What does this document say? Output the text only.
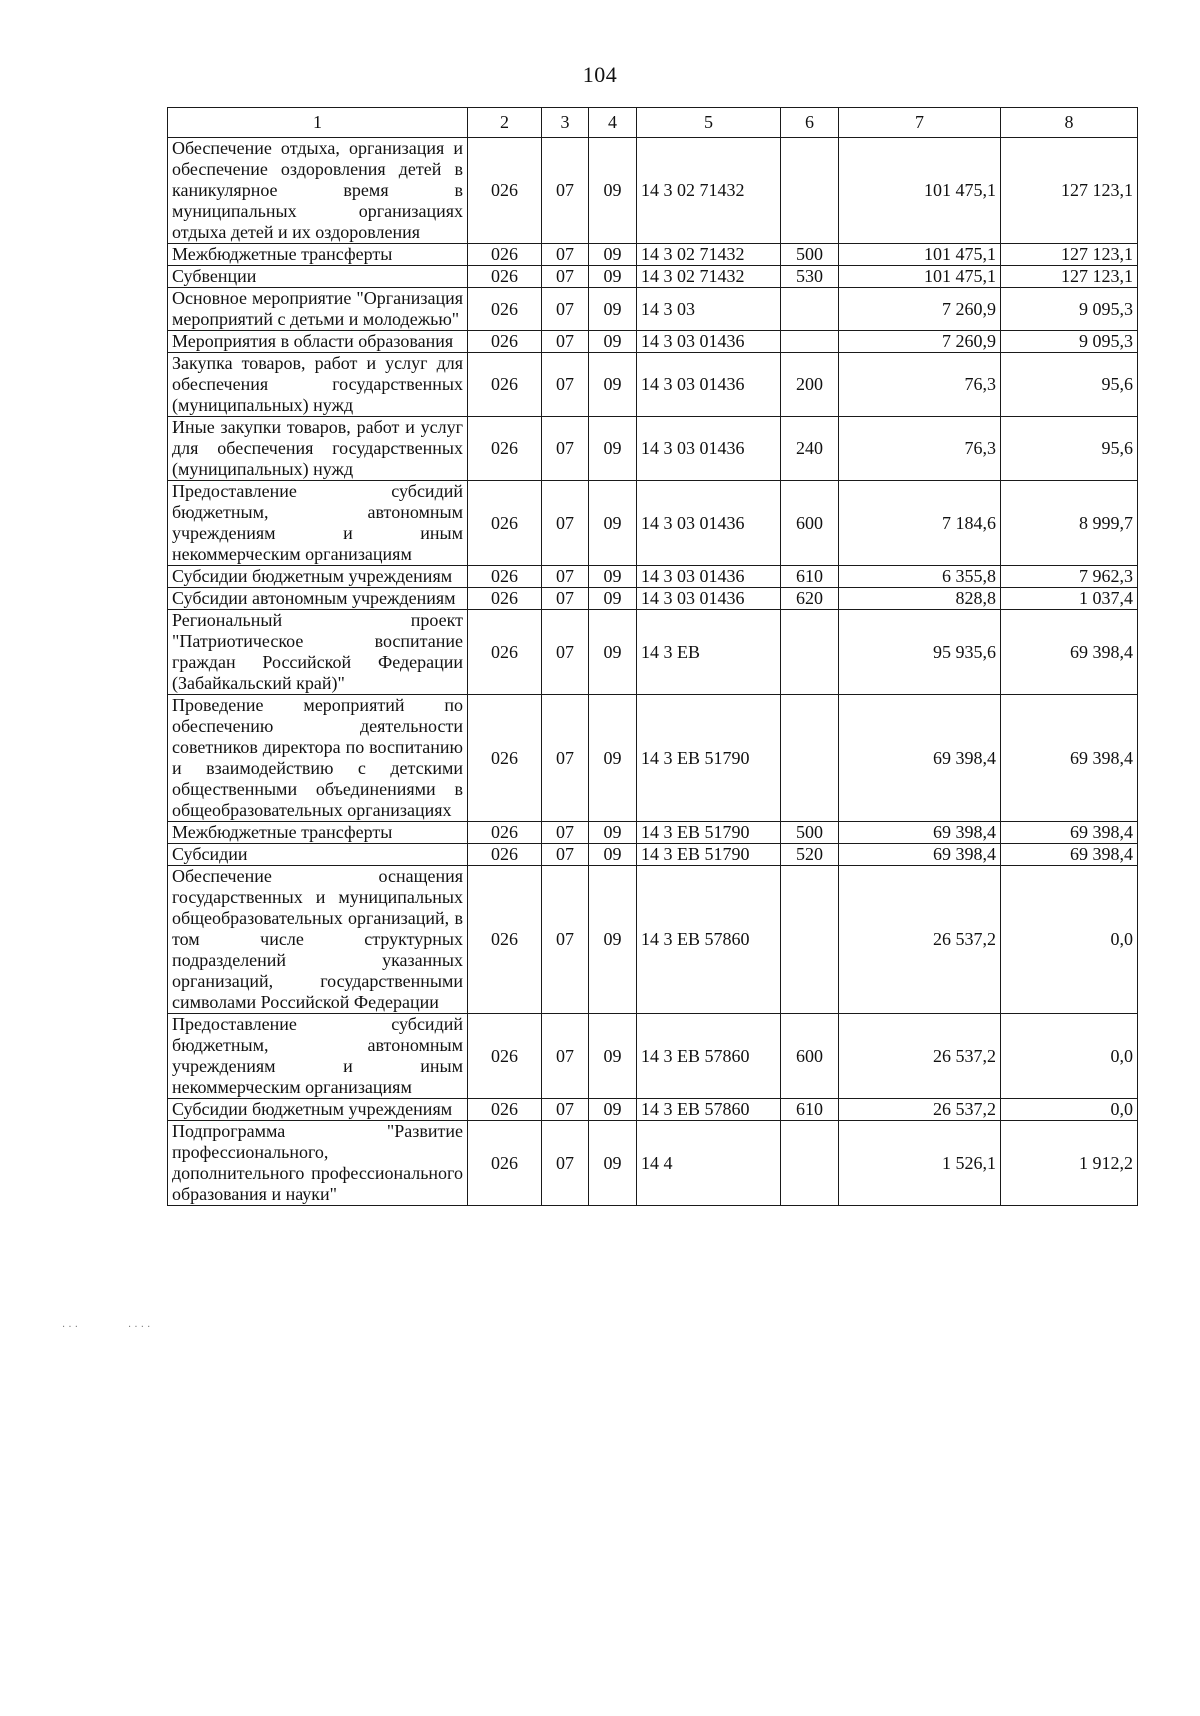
104
1	2	3	4	5	6	7	8
Обеспечение отдыха, организация и обеспечение оздоровления детей в каникулярное время в муниципальных организациях отдыха детей и их оздоровления	026	07	09	14 3 02 71432		101 475,1	127 123,1
Межбюджетные трансферты	026	07	09	14 3 02 71432	500	101 475,1	127 123,1
Субвенции	026	07	09	14 3 02 71432	530	101 475,1	127 123,1
Основное мероприятие "Организация мероприятий с детьми и молодежью"	026	07	09	14 3 03		7 260,9	9 095,3
Мероприятия в области образования	026	07	09	14 3 03 01436		7 260,9	9 095,3
Закупка товаров, работ и услуг для обеспечения государственных (муниципальных) нужд	026	07	09	14 3 03 01436	200	76,3	95,6
Иные закупки товаров, работ и услуг для обеспечения государственных (муниципальных) нужд	026	07	09	14 3 03 01436	240	76,3	95,6
Предоставление субсидий бюджетным, автономным учреждениям и иным некоммерческим организациям	026	07	09	14 3 03 01436	600	7 184,6	8 999,7
Субсидии бюджетным учреждениям	026	07	09	14 3 03 01436	610	6 355,8	7 962,3
Субсидии автономным учреждениям	026	07	09	14 3 03 01436	620	828,8	1 037,4
Региональный проект "Патриотическое воспитание граждан Российской Федерации (Забайкальский край)"	026	07	09	14 3 ЕВ		95 935,6	69 398,4
Проведение мероприятий по обеспечению деятельности советников директора по воспитанию и взаимодействию с детскими общественными объединениями в общеобразовательных организациях	026	07	09	14 3 ЕВ 51790		69 398,4	69 398,4
Межбюджетные трансферты	026	07	09	14 3 ЕВ 51790	500	69 398,4	69 398,4
Субсидии	026	07	09	14 3 ЕВ 51790	520	69 398,4	69 398,4
Обеспечение оснащения государственных и муниципальных общеобразовательных организаций, в том числе структурных подразделений указанных организаций, государственными символами Российской Федерации	026	07	09	14 3 ЕВ 57860		26 537,2	0,0
Предоставление субсидий бюджетным, автономным учреждениям и иным некоммерческим организациям	026	07	09	14 3 ЕВ 57860	600	26 537,2	0,0
Субсидии бюджетным учреждениям	026	07	09	14 3 ЕВ 57860	610	26 537,2	0,0
Подпрограмма "Развитие профессионального, дополнительного профессионального образования и науки"	026	07	09	14 4		1 526,1	1 912,2
· · ·	· · · ·
